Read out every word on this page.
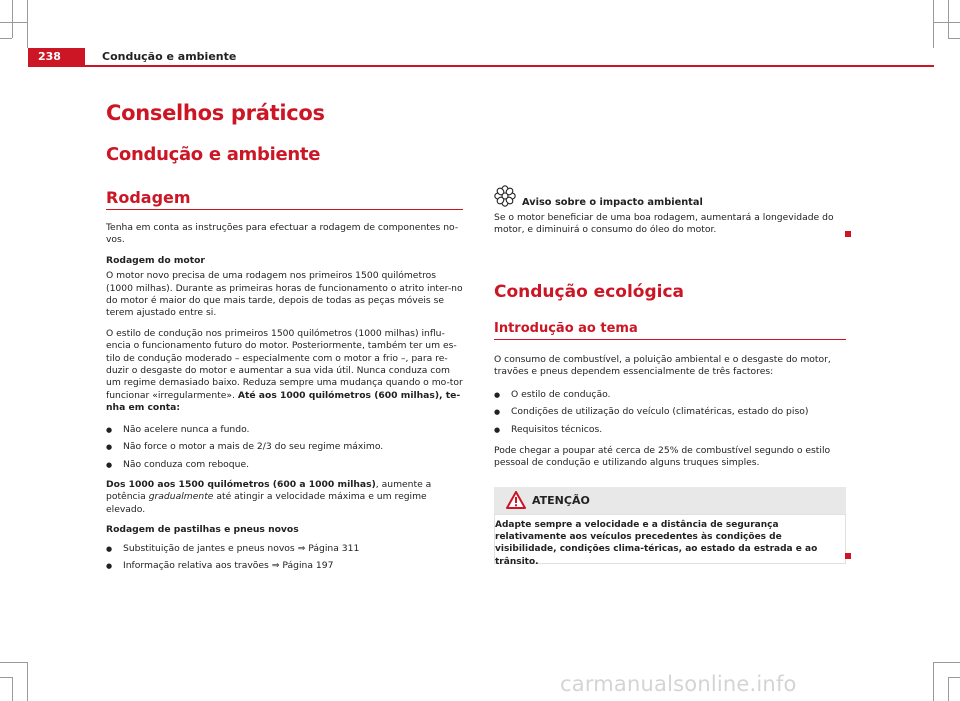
238	Condução e ambiente
Conselhos práticos
Condução e ambiente
Rodagem

Tenha em conta as instruções para efectuar a rodagem de componentes no-vos.

Rodagem do motor

O motor novo precisa de uma rodagem nos primeiros 1500 quilómetros (1000 milhas). Durante as primeiras horas de funcionamento o atrito inter-no do motor é maior do que mais tarde, depois de todas as peças móveis se terem ajustado entre si.

O estilo de condução nos primeiros 1500 quilómetros (1000 milhas) influ-encia o funcionamento futuro do motor. Posteriormente, também ter um es-tilo de condução moderado – especialmente com o motor a frio –, para re-duzir o desgaste do motor e aumentar a sua vida útil. Nunca conduza com um regime demasiado baixo. Reduza sempre uma mudança quando o mo-tor funcionar «irregularmente». Até aos 1000 quilómetros (600 milhas), te-nha em conta:

● Não acelere nunca a fundo.

● Não force o motor a mais de 2/3 do seu regime máximo.

● Não conduza com reboque.

Dos 1000 aos 1500 quilómetros (600 a 1000 milhas), aumente a potência gradualmente até atingir a velocidade máxima e um regime elevado.

Rodagem de pastilhas e pneus novos

● Substituição de jantes e pneus novos ⇒ Página 311

● Informação relativa aos travões ⇒ Página 197

Aviso sobre o impacto ambiental
Se o motor beneficiar de uma boa rodagem, aumentará a longevidade do motor, e diminuirá o consumo do óleo do motor.
Condução ecológica
Introdução ao tema

O consumo de combustível, a poluição ambiental e o desgaste do motor, travões e pneus dependem essencialmente de três factores:

● O estilo de condução.

● Condições de utilização do veículo (climatéricas, estado do piso)

● Requisitos técnicos.

Pode chegar a poupar até cerca de 25% de combustível segundo o estilo pessoal de condução e utilizando alguns truques simples.

ATENÇÃO
Adapte sempre a velocidade e a distância de segurança relativamente aos veículos precedentes às condições de visibilidade, condições clima-téricas, ao estado da estrada e ao trânsito.
carmanualsonline.info
